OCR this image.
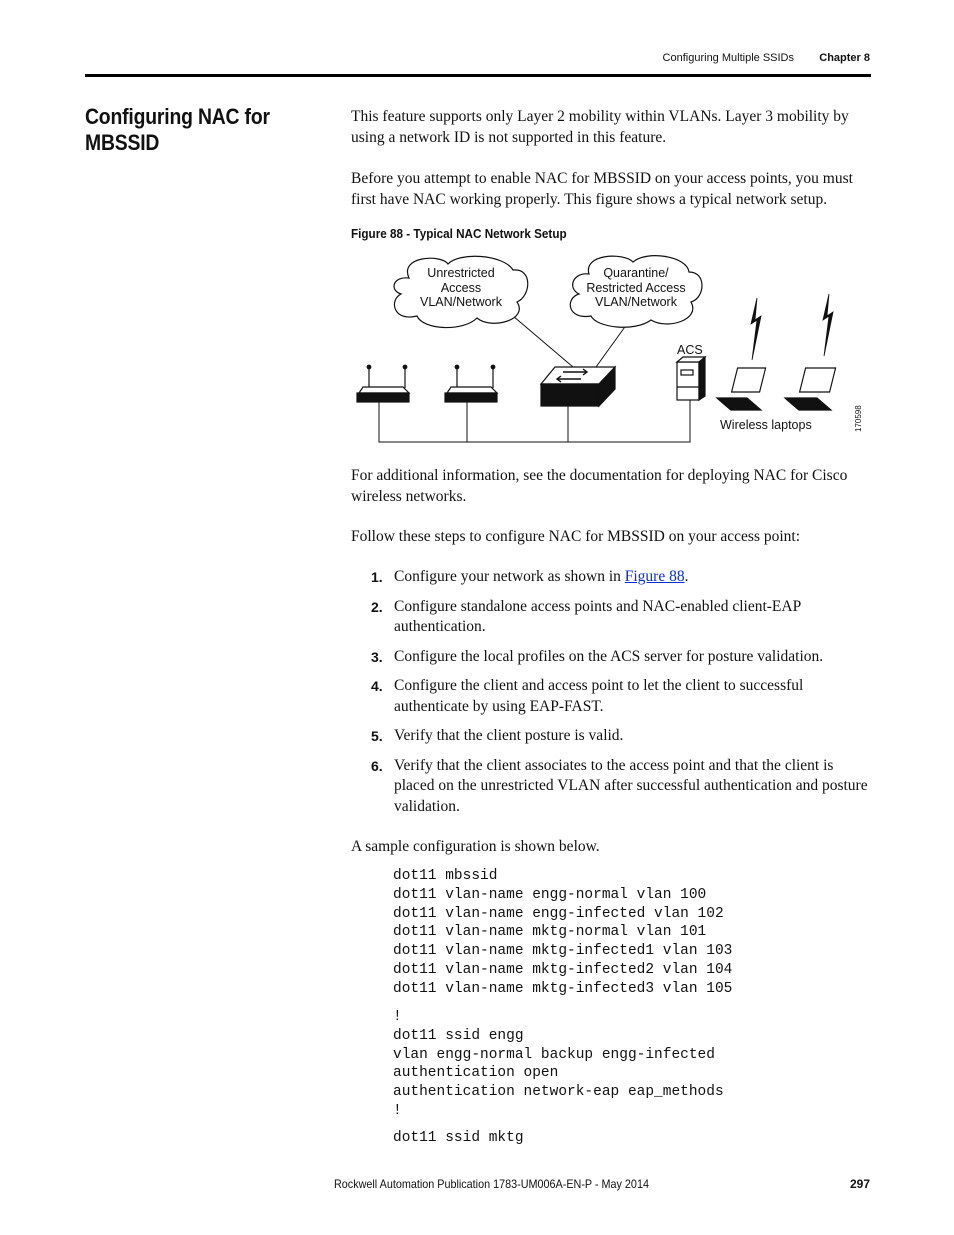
Configuring Multiple SSIDs Chapter 8
Configuring NAC for MBSSID

This feature supports only Layer 2 mobility within VLANs. Layer 3 mobility by using a network ID is not supported in this feature.

Before you attempt to enable NAC for MBSSID on your access points, you must first have NAC working properly. This figure shows a typical network setup.

Figure 88 - Typical NAC Network Setup
Unrestricted
Access
VLAN/Network
Quarantine/
Restricted Access
VLAN/Network
ACS
Wireless laptops	170598

For additional information, see the documentation for deploying NAC for Cisco wireless networks.

Follow these steps to configure NAC for MBSSID on your access point:

1. Configure your network as shown in Figure 88.
2. Configure standalone access points and NAC-enabled client-EAP authentication.
3. Configure the local profiles on the ACS server for posture validation.
4. Configure the client and access point to let the client to successful authenticate by using EAP-FAST.
5. Verify that the client posture is valid.
6. Verify that the client associates to the access point and that the client is placed on the unrestricted VLAN after successful authentication and posture validation.

A sample configuration is shown below.

dot11 mbssid
dot11 vlan-name engg-normal vlan 100
dot11 vlan-name engg-infected vlan 102
dot11 vlan-name mktg-normal vlan 101
dot11 vlan-name mktg-infected1 vlan 103
dot11 vlan-name mktg-infected2 vlan 104
dot11 vlan-name mktg-infected3 vlan 105
!
dot11 ssid engg
vlan engg-normal backup engg-infected
authentication open
authentication network-eap eap_methods
!
dot11 ssid mktg
Rockwell Automation Publication 1783-UM006A-EN-P - May 2014	297
